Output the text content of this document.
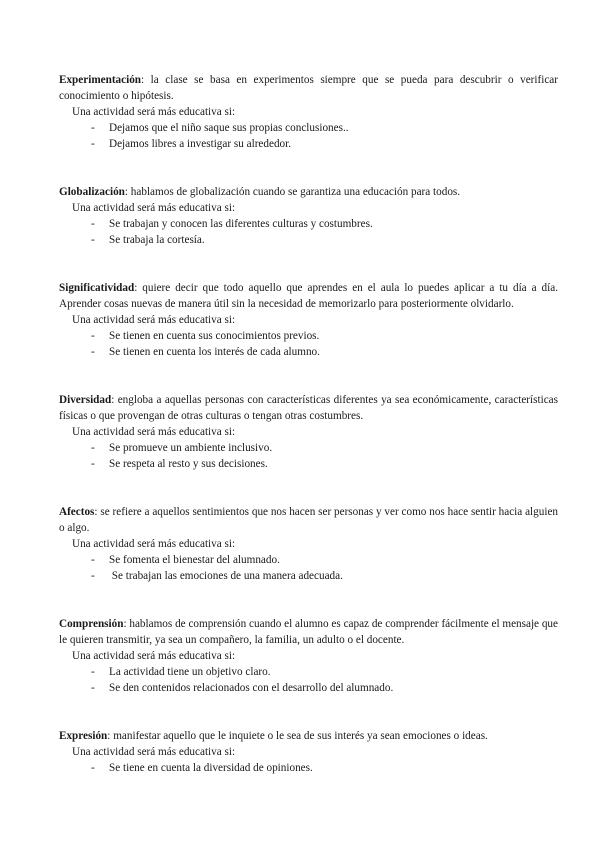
Experimentación: la clase se basa en experimentos siempre que se pueda para descubrir o verificar conocimiento o hipótesis.

Una actividad será más educativa si:

- Dejamos que el niño saque sus propias conclusiones..
- Dejamos libres a investigar su alrededor.

Globalización: hablamos de globalización cuando se garantiza una educación para todos.

Una actividad será más educativa si:

- Se trabajan y conocen las diferentes culturas y costumbres.
- Se trabaja la cortesía.

Significatividad: quiere decir que todo aquello que aprendes en el aula lo puedes aplicar a tu día a día. Aprender cosas nuevas de manera útil sin la necesidad de memorizarlo para posteriormente olvidarlo.

Una actividad será más educativa si:

- Se tienen en cuenta sus conocimientos previos.
- Se tienen en cuenta los interés de cada alumno.

Diversidad: engloba a aquellas personas con características diferentes ya sea económicamente, características físicas o que provengan de otras culturas o tengan otras costumbres.

Una actividad será más educativa si:

- Se promueve un ambiente inclusivo.
- Se respeta al resto y sus decisiones.

Afectos: se refiere a aquellos sentimientos que nos hacen ser personas y ver como nos hace sentir hacia alguien o algo.

Una actividad será más educativa si:

- Se fomenta el bienestar del alumnado.
- Se trabajan las emociones de una manera adecuada.

Comprensión: hablamos de comprensión cuando el alumno es capaz de comprender fácilmente el mensaje que le quieren transmitir, ya sea un compañero, la familia, un adulto o el docente.

Una actividad será más educativa si:

- La actividad tiene un objetivo claro.
- Se den contenidos relacionados con el desarrollo del alumnado.

Expresión: manifestar aquello que le inquiete o le sea de sus interés ya sean emociones o ideas.

Una actividad será más educativa si:

- Se tiene en cuenta la diversidad de opiniones.
